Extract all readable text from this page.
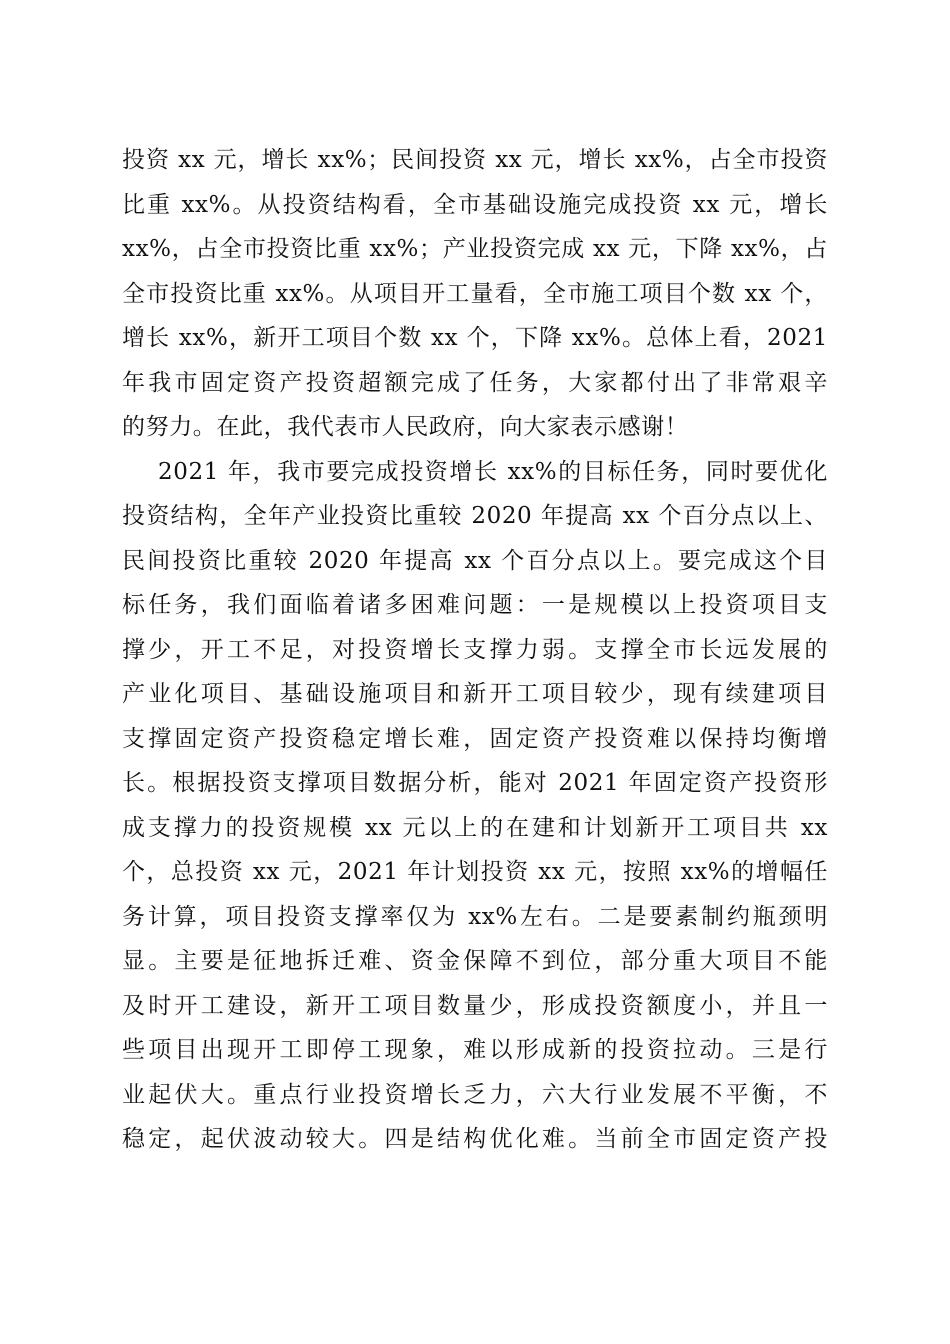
投资 xx 元，增长 xx%；民间投资 xx 元，增长 xx%，占全市投资
比重 xx%。从投资结构看，全市基础设施完成投资 xx 元，增长
xx%，占全市投资比重 xx%；产业投资完成 xx 元，下降 xx%，占
全市投资比重 xx%。从项目开工量看，全市施工项目个数 xx 个，
增长 xx%，新开工项目个数 xx 个，下降 xx%。总体上看，2021
年我市固定资产投资超额完成了任务，大家都付出了非常艰辛
的努力。在此，我代表市人民政府，向大家表示感谢！
2021 年，我市要完成投资增长 xx%的目标任务，同时要优化
投资结构，全年产业投资比重较 2020 年提高 xx 个百分点以上、
民间投资比重较 2020 年提高 xx 个百分点以上。要完成这个目
标任务，我们面临着诸多困难问题：一是规模以上投资项目支
撑少，开工不足，对投资增长支撑力弱。支撑全市长远发展的
产业化项目、基础设施项目和新开工项目较少，现有续建项目
支撑固定资产投资稳定增长难，固定资产投资难以保持均衡增
长。根据投资支撑项目数据分析，能对 2021 年固定资产投资形
成支撑力的投资规模 xx 元以上的在建和计划新开工项目共 xx
个，总投资 xx 元，2021 年计划投资 xx 元，按照 xx%的增幅任
务计算，项目投资支撑率仅为 xx%左右。二是要素制约瓶颈明
显。主要是征地拆迁难、资金保障不到位，部分重大项目不能
及时开工建设，新开工项目数量少，形成投资额度小，并且一
些项目出现开工即停工现象，难以形成新的投资拉动。三是行
业起伏大。重点行业投资增长乏力，六大行业发展不平衡，不
稳定，起伏波动较大。四是结构优化难。当前全市固定资产投
